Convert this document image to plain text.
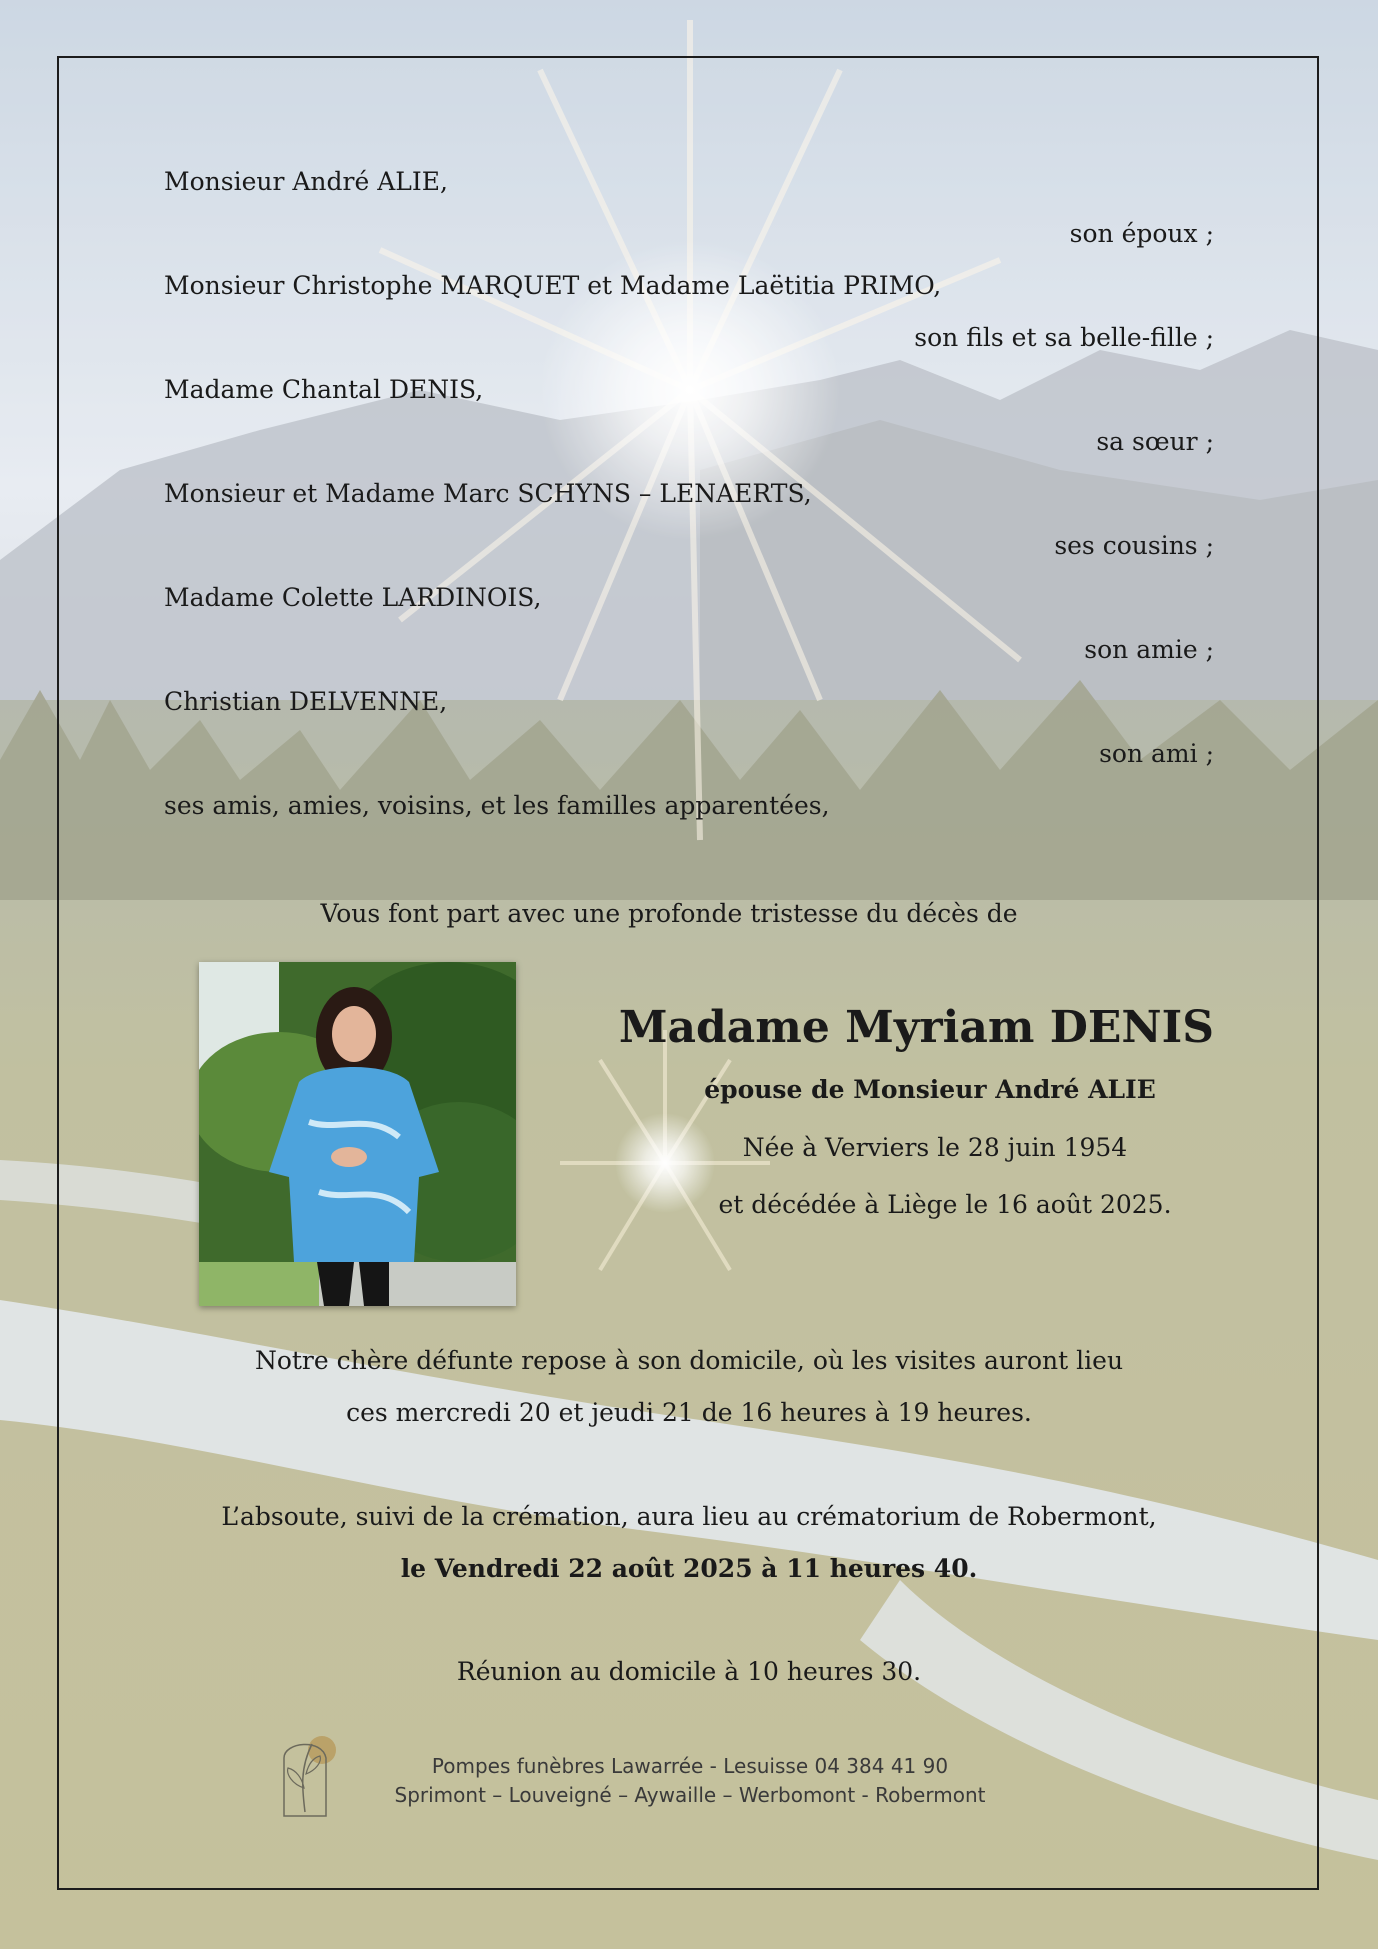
Monsieur André ALIE,
son époux ;
Monsieur Christophe MARQUET et Madame Laëtitia PRIMO,
son fils et sa belle-fille ;
Madame Chantal DENIS,
sa sœur ;
Monsieur et Madame Marc SCHYNS – LENAERTS,
ses cousins ;
Madame Colette LARDINOIS,
son amie ;
Christian DELVENNE,
son ami ;
ses amis, amies, voisins, et les familles apparentées,
Vous font part avec une profonde tristesse du décès de
Madame Myriam DENIS
épouse de Monsieur André ALIE
Née à Verviers le 28 juin 1954
et décédée à Liège le 16 août 2025.
Notre chère défunte repose à son domicile, où les visites auront lieu
ces mercredi 20 et jeudi 21 de 16 heures à 19 heures.
L’absoute, suivi de la crémation, aura lieu au crématorium de Robermont,
le Vendredi 22 août 2025 à 11 heures 40.
Réunion au domicile à 10 heures 30.
Pompes funèbres Lawarrée - Lesuisse 04 384 41 90
Sprimont – Louveigné – Aywaille – Werbomont - Robermont
